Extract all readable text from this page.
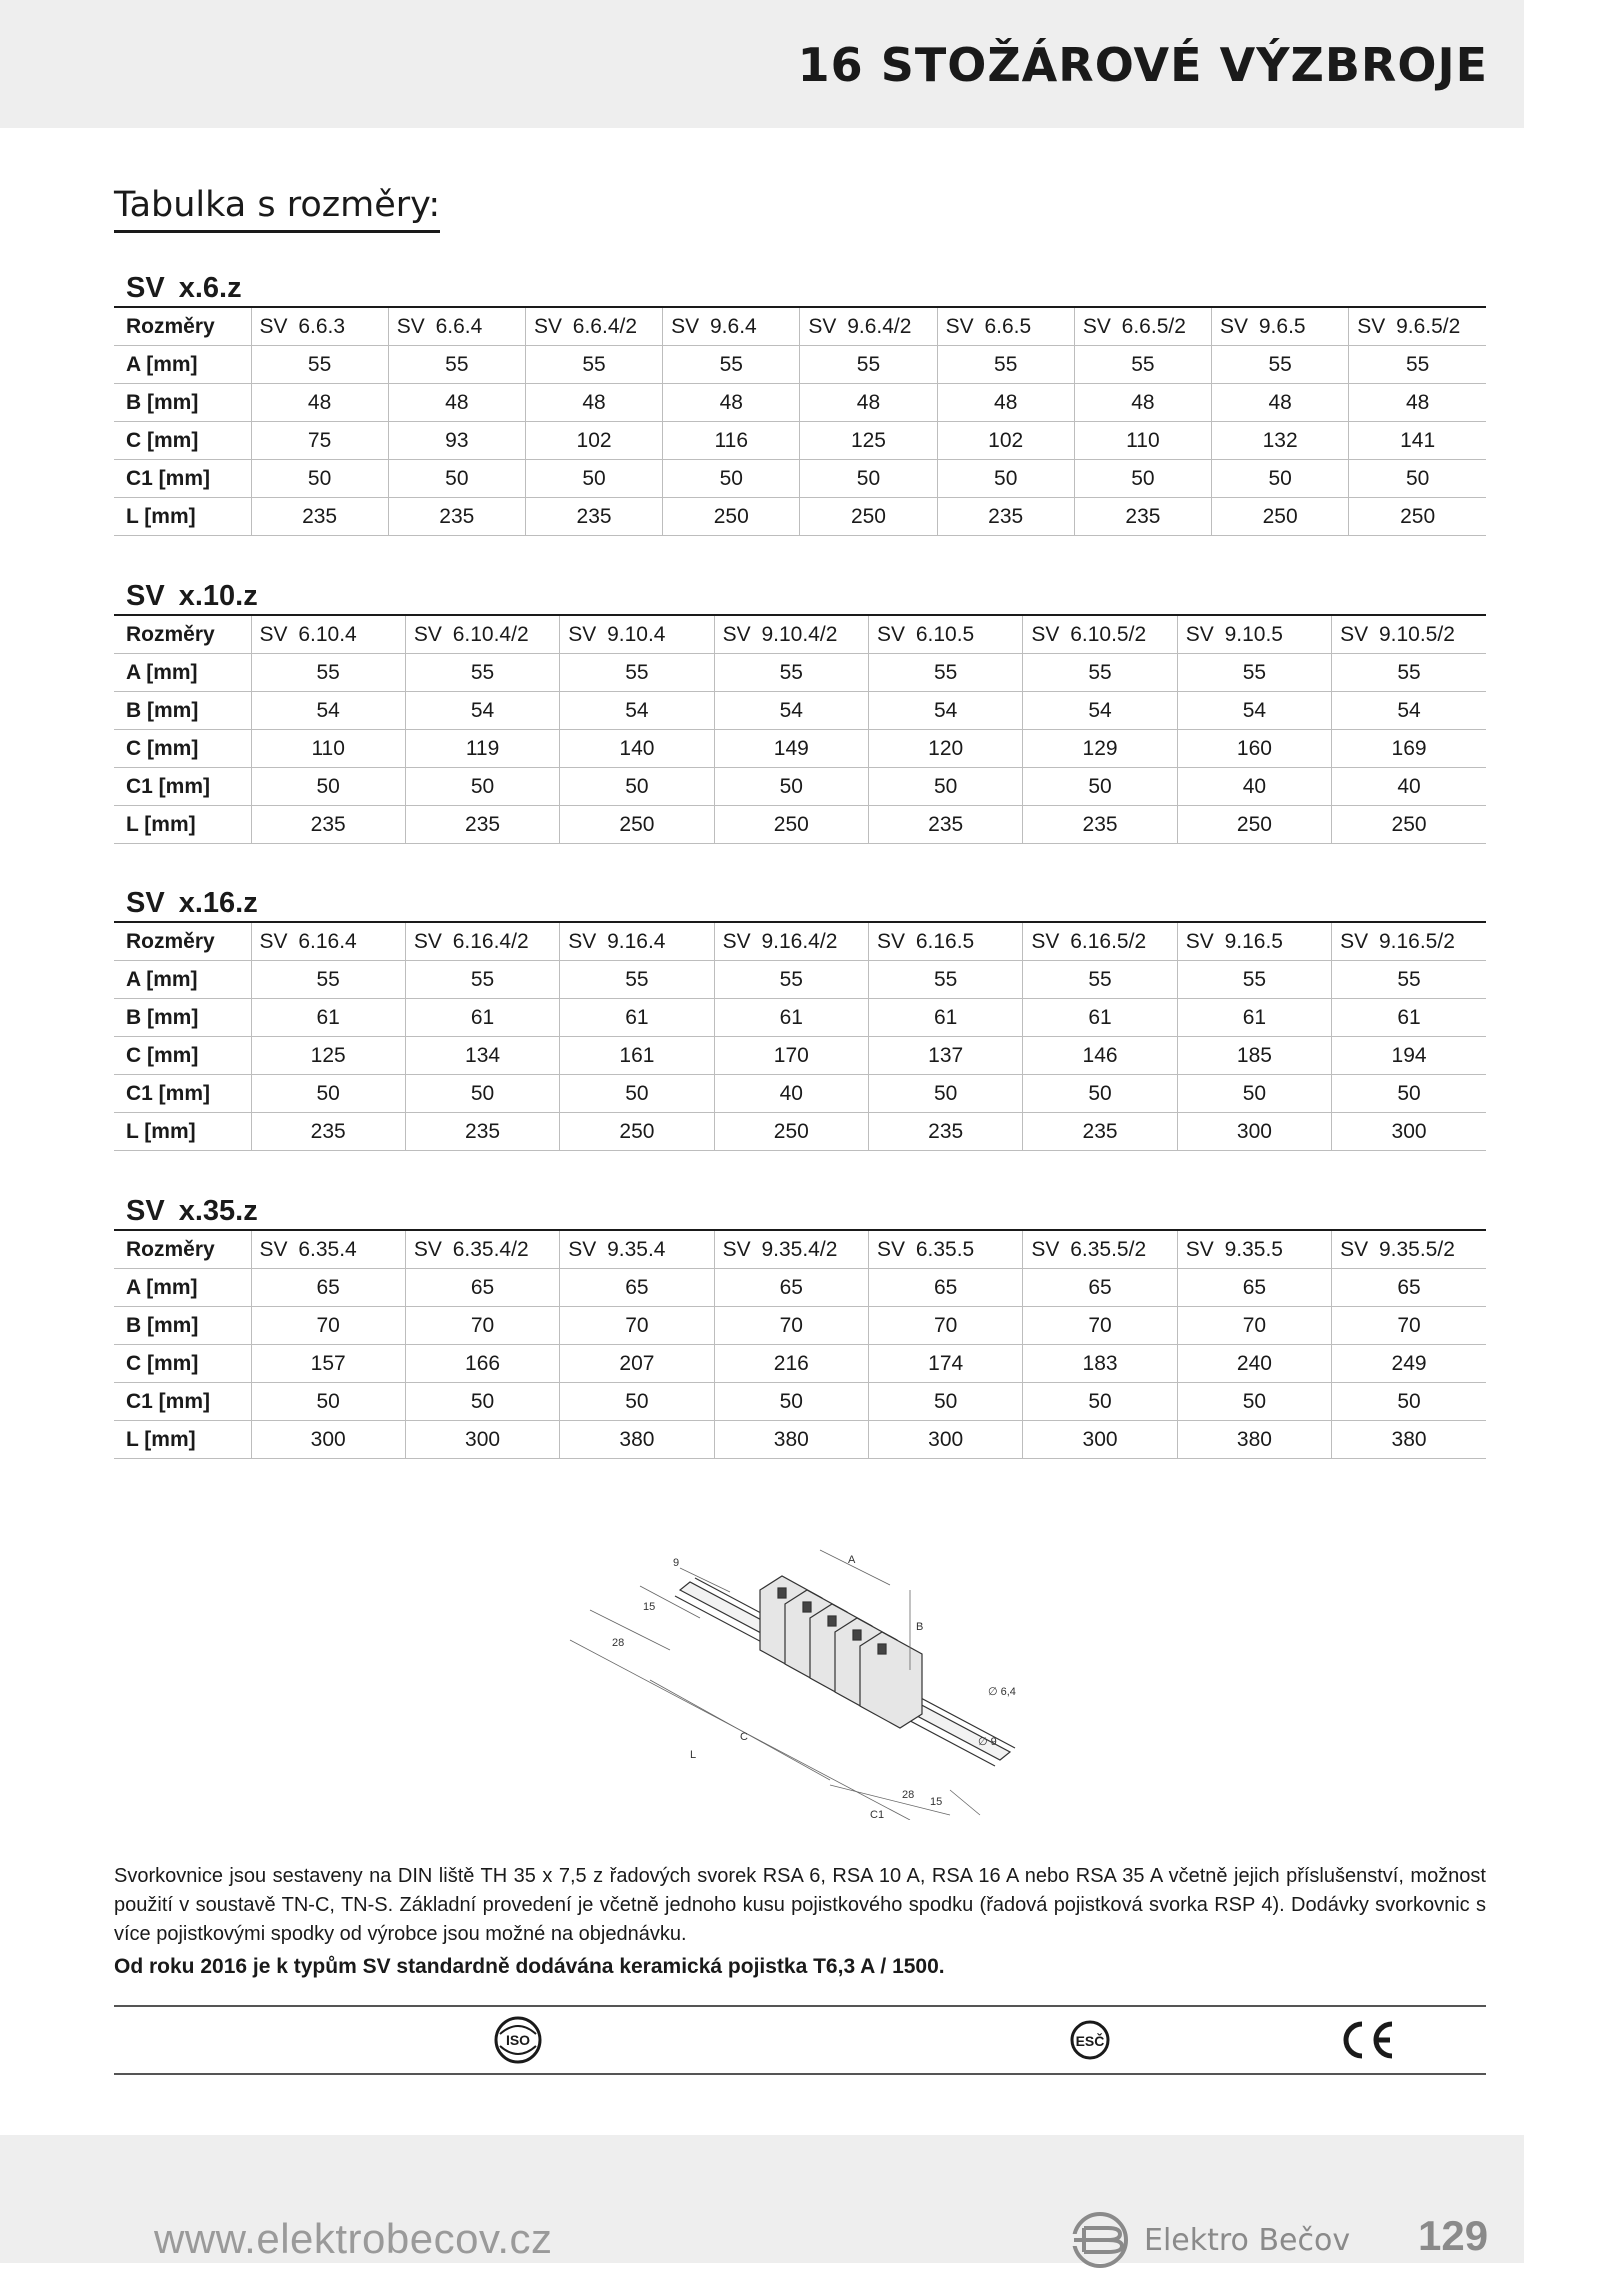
16 STOŽÁROVÉ VÝZBROJE
Tabulka s rozměry:
SV x.6.z
Rozměry	SV 6.6.3	SV 6.6.4	SV 6.6.4/2	SV 9.6.4	SV 9.6.4/2	SV 6.6.5	SV 6.6.5/2	SV 9.6.5	SV 9.6.5/2
A [mm]	55	55	55	55	55	55	55	55	55
B [mm]	48	48	48	48	48	48	48	48	48
C [mm]	75	93	102	116	125	102	110	132	141
C1 [mm]	50	50	50	50	50	50	50	50	50
L [mm]	235	235	235	250	250	235	235	250	250
SV x.10.z
Rozměry	SV 6.10.4	SV 6.10.4/2	SV 9.10.4	SV 9.10.4/2	SV 6.10.5	SV 6.10.5/2	SV 9.10.5	SV 9.10.5/2
A [mm]	55	55	55	55	55	55	55	55
B [mm]	54	54	54	54	54	54	54	54
C [mm]	110	119	140	149	120	129	160	169
C1 [mm]	50	50	50	50	50	50	40	40
L [mm]	235	235	250	250	235	235	250	250
SV x.16.z
Rozměry	SV 6.16.4	SV 6.16.4/2	SV 9.16.4	SV 9.16.4/2	SV 6.16.5	SV 6.16.5/2	SV 9.16.5	SV 9.16.5/2
A [mm]	55	55	55	55	55	55	55	55
B [mm]	61	61	61	61	61	61	61	61
C [mm]	125	134	161	170	137	146	185	194
C1 [mm]	50	50	50	40	50	50	50	50
L [mm]	235	235	250	250	235	235	300	300
SV x.35.z
Rozměry	SV 6.35.4	SV 6.35.4/2	SV 9.35.4	SV 9.35.4/2	SV 6.35.5	SV 6.35.5/2	SV 9.35.5	SV 9.35.5/2
A [mm]	65	65	65	65	65	65	65	65
B [mm]	70	70	70	70	70	70	70	70
C [mm]	157	166	207	216	174	183	240	249
C1 [mm]	50	50	50	50	50	50	50	50
L [mm]	300	300	380	380	300	300	380	380
A
B
C
C1
L
9
15
28
28
15
∅ 6,4
∅ 9
Svorkovnice jsou sestaveny na DIN liště TH 35 x 7,5 z řadových svorek RSA 6, RSA 10 A, RSA 16 A nebo RSA 35 A včetně jejich příslušenství, možnost použití v soustavě TN-C, TN-S. Základní provedení je včetně jednoho kusu pojistkového spodku (řadová pojistková svorka RSP 4). Dodávky svorkovnic s více pojistkovými spodky od výrobce jsou možné na objednávku.
Od roku 2016 je k typům SV standardně dodávána keramická pojistka T6,3 A / 1500.
ISO	ESČ
www.elektrobecov.cz	Elektro Bečov 129
